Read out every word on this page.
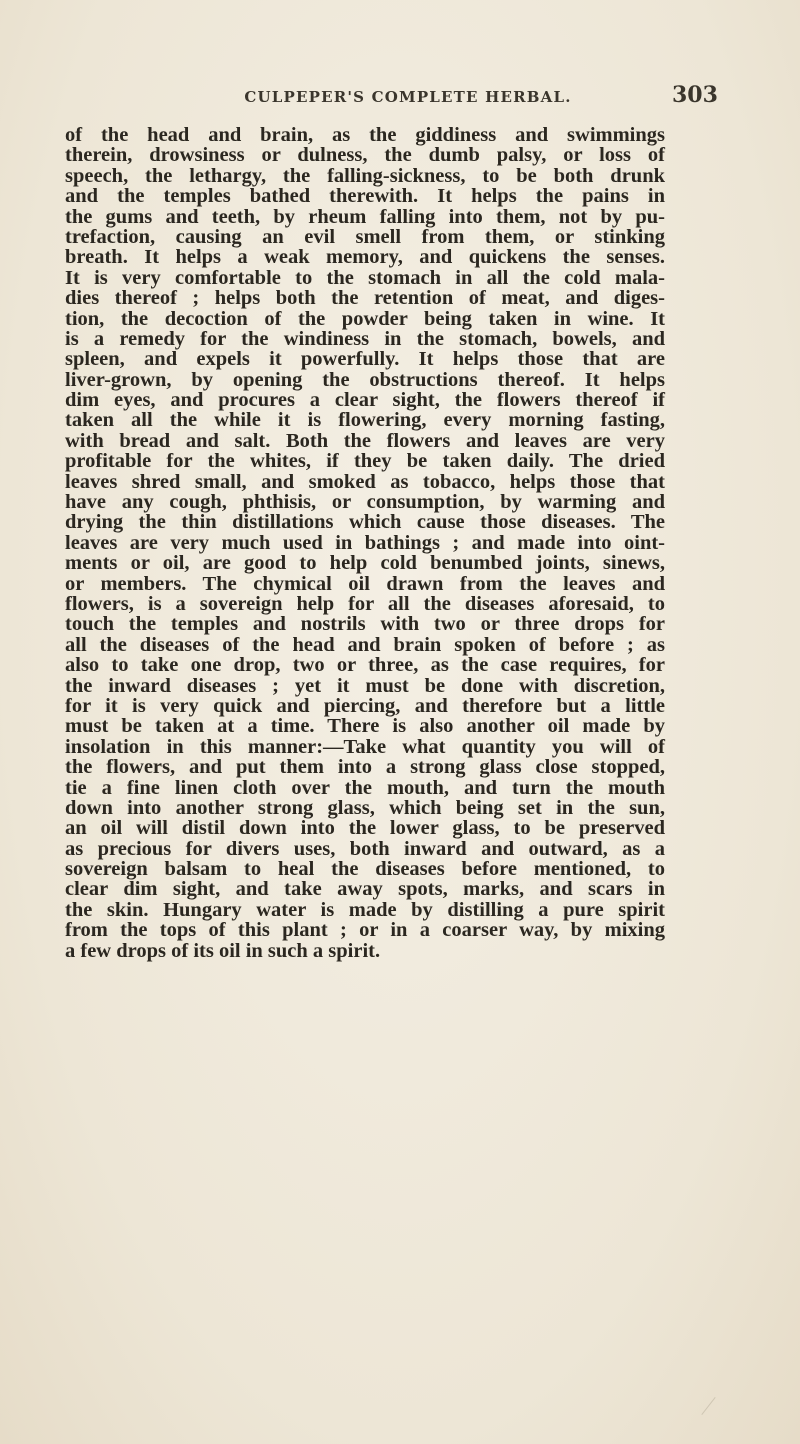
CULPEPER'S COMPLETE HERBAL.	303
of the head and brain, as the giddiness and swimmings
therein, drowsiness or dulness, the dumb palsy, or loss of
speech, the lethargy, the falling-sickness, to be both drunk
and the temples bathed therewith. It helps the pains in
the gums and teeth, by rheum falling into them, not by pu-
trefaction, causing an evil smell from them, or stinking
breath. It helps a weak memory, and quickens the senses.
It is very comfortable to the stomach in all the cold mala-
dies thereof ; helps both the retention of meat, and diges-
tion, the decoction of the powder being taken in wine. It
is a remedy for the windiness in the stomach, bowels, and
spleen, and expels it powerfully. It helps those that are
liver-grown, by opening the obstructions thereof. It helps
dim eyes, and procures a clear sight, the flowers thereof if
taken all the while it is flowering, every morning fasting,
with bread and salt. Both the flowers and leaves are very
profitable for the whites, if they be taken daily. The dried
leaves shred small, and smoked as tobacco, helps those that
have any cough, phthisis, or consumption, by warming and
drying the thin distillations which cause those diseases. The
leaves are very much used in bathings ; and made into oint-
ments or oil, are good to help cold benumbed joints, sinews,
or members. The chymical oil drawn from the leaves and
flowers, is a sovereign help for all the diseases aforesaid, to
touch the temples and nostrils with two or three drops for
all the diseases of the head and brain spoken of before ; as
also to take one drop, two or three, as the case requires, for
the inward diseases ; yet it must be done with discretion,
for it is very quick and piercing, and therefore but a little
must be taken at a time. There is also another oil made by
insolation in this manner:—Take what quantity you will of
the flowers, and put them into a strong glass close stopped,
tie a fine linen cloth over the mouth, and turn the mouth
down into another strong glass, which being set in the sun,
an oil will distil down into the lower glass, to be preserved
as precious for divers uses, both inward and outward, as a
sovereign balsam to heal the diseases before mentioned, to
clear dim sight, and take away spots, marks, and scars in
the skin. Hungary water is made by distilling a pure spirit
from the tops of this plant ; or in a coarser way, by mixing
a few drops of its oil in such a spirit.
